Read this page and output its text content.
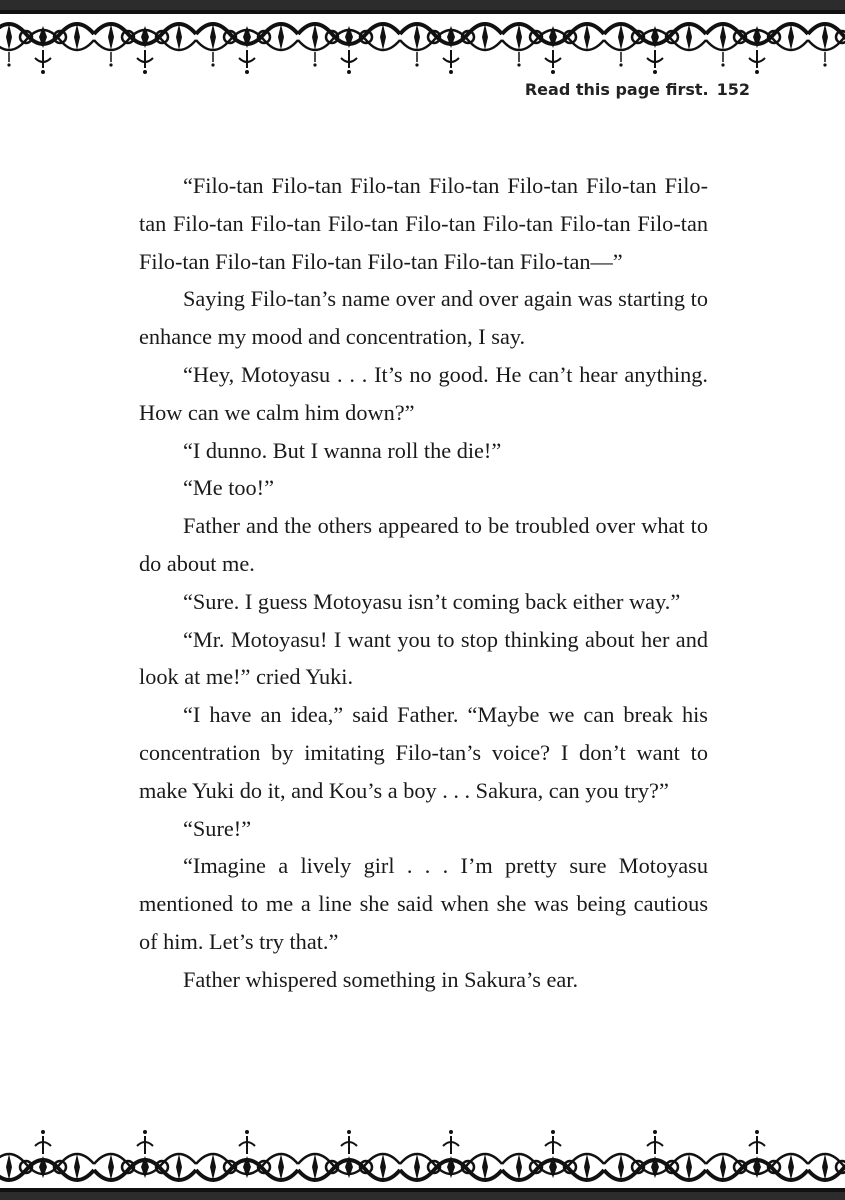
Read this page first. 152

“Filo-tan Filo-tan Filo-tan Filo-tan Filo-tan Filo-tan Filo-tan Filo-tan Filo-tan Filo-tan Filo-tan Filo-tan Filo-tan Filo-tan Filo-tan Filo-tan Filo-tan Filo-tan Filo-tan Filo-tan—”

Saying Filo-tan’s name over and over again was starting to enhance my mood and concentration, I say.

“Hey, Motoyasu . . . It’s no good. He can’t hear anything. How can we calm him down?”

“I dunno. But I wanna roll the die!”

“Me too!”

Father and the others appeared to be troubled over what to do about me.

“Sure. I guess Motoyasu isn’t coming back either way.”

“Mr. Motoyasu! I want you to stop thinking about her and look at me!” cried Yuki.

“I have an idea,” said Father. “Maybe we can break his concentration by imitating Filo-tan’s voice? I don’t want to make Yuki do it, and Kou’s a boy . . . Sakura, can you try?”

“Sure!”

“Imagine a lively girl . . . I’m pretty sure Motoyasu mentioned to me a line she said when she was being cautious of him. Let’s try that.”

Father whispered something in Sakura’s ear.
